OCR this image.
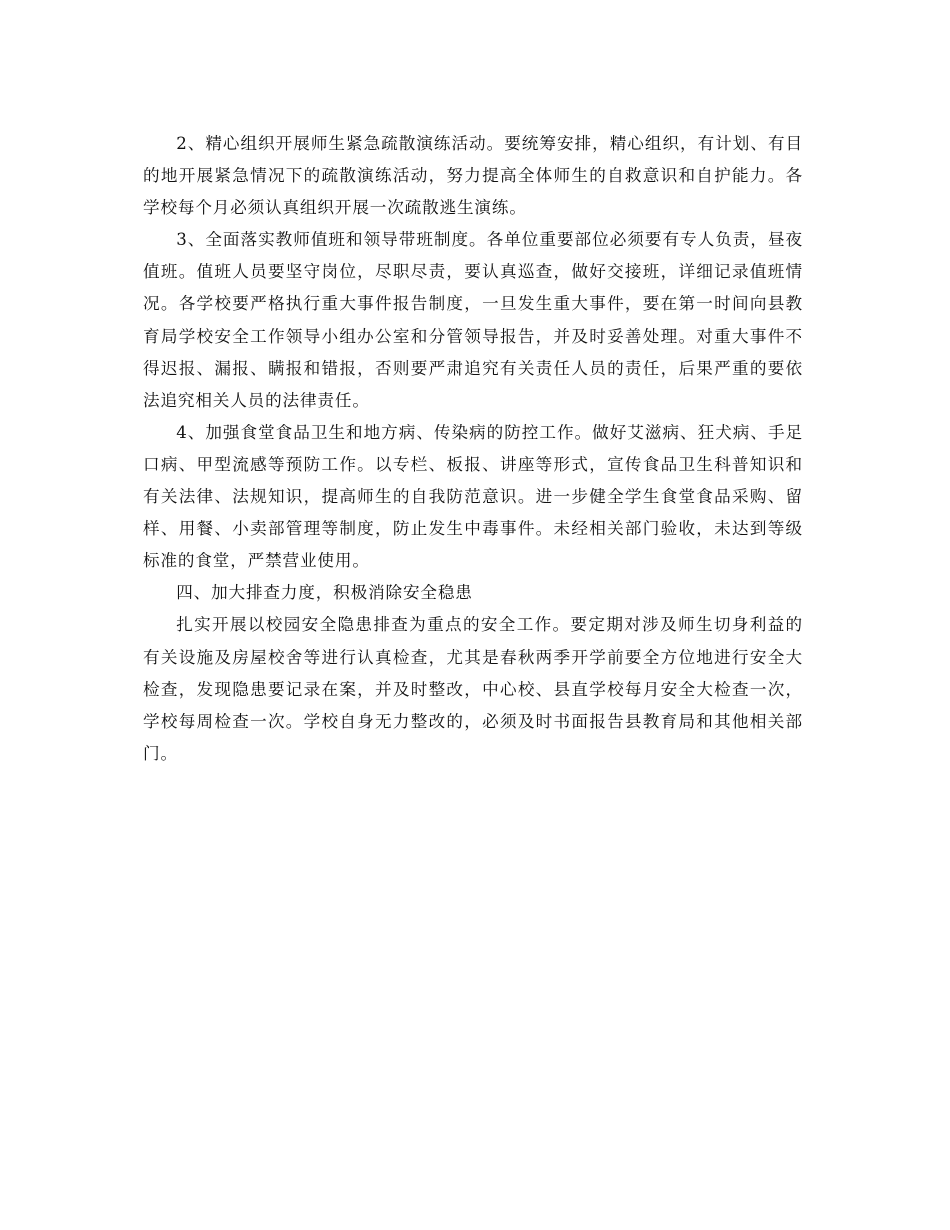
2、精心组织开展师生紧急疏散演练活动。要统筹安排，精心组织，有计划、有目的地开展紧急情况下的疏散演练活动，努力提高全体师生的自救意识和自护能力。各学校每个月必须认真组织开展一次疏散逃生演练。

3、全面落实教师值班和领导带班制度。各单位重要部位必须要有专人负责，昼夜值班。值班人员要坚守岗位，尽职尽责，要认真巡查，做好交接班，详细记录值班情况。各学校要严格执行重大事件报告制度，一旦发生重大事件，要在第一时间向县教育局学校安全工作领导小组办公室和分管领导报告，并及时妥善处理。对重大事件不得迟报、漏报、瞒报和错报，否则要严肃追究有关责任人员的责任，后果严重的要依法追究相关人员的法律责任。

4、加强食堂食品卫生和地方病、传染病的防控工作。做好艾滋病、狂犬病、手足口病、甲型流感等预防工作。以专栏、板报、讲座等形式，宣传食品卫生科普知识和有关法律、法规知识，提高师生的自我防范意识。进一步健全学生食堂食品采购、留样、用餐、小卖部管理等制度，防止发生中毒事件。未经相关部门验收，未达到等级标准的食堂，严禁营业使用。

四、加大排查力度，积极消除安全稳患

扎实开展以校园安全隐患排查为重点的安全工作。要定期对涉及师生切身利益的有关设施及房屋校舍等进行认真检查，尤其是春秋两季开学前要全方位地进行安全大检查，发现隐患要记录在案，并及时整改，中心校、县直学校每月安全大检查一次，学校每周检查一次。学校自身无力整改的，必须及时书面报告县教育局和其他相关部门。
